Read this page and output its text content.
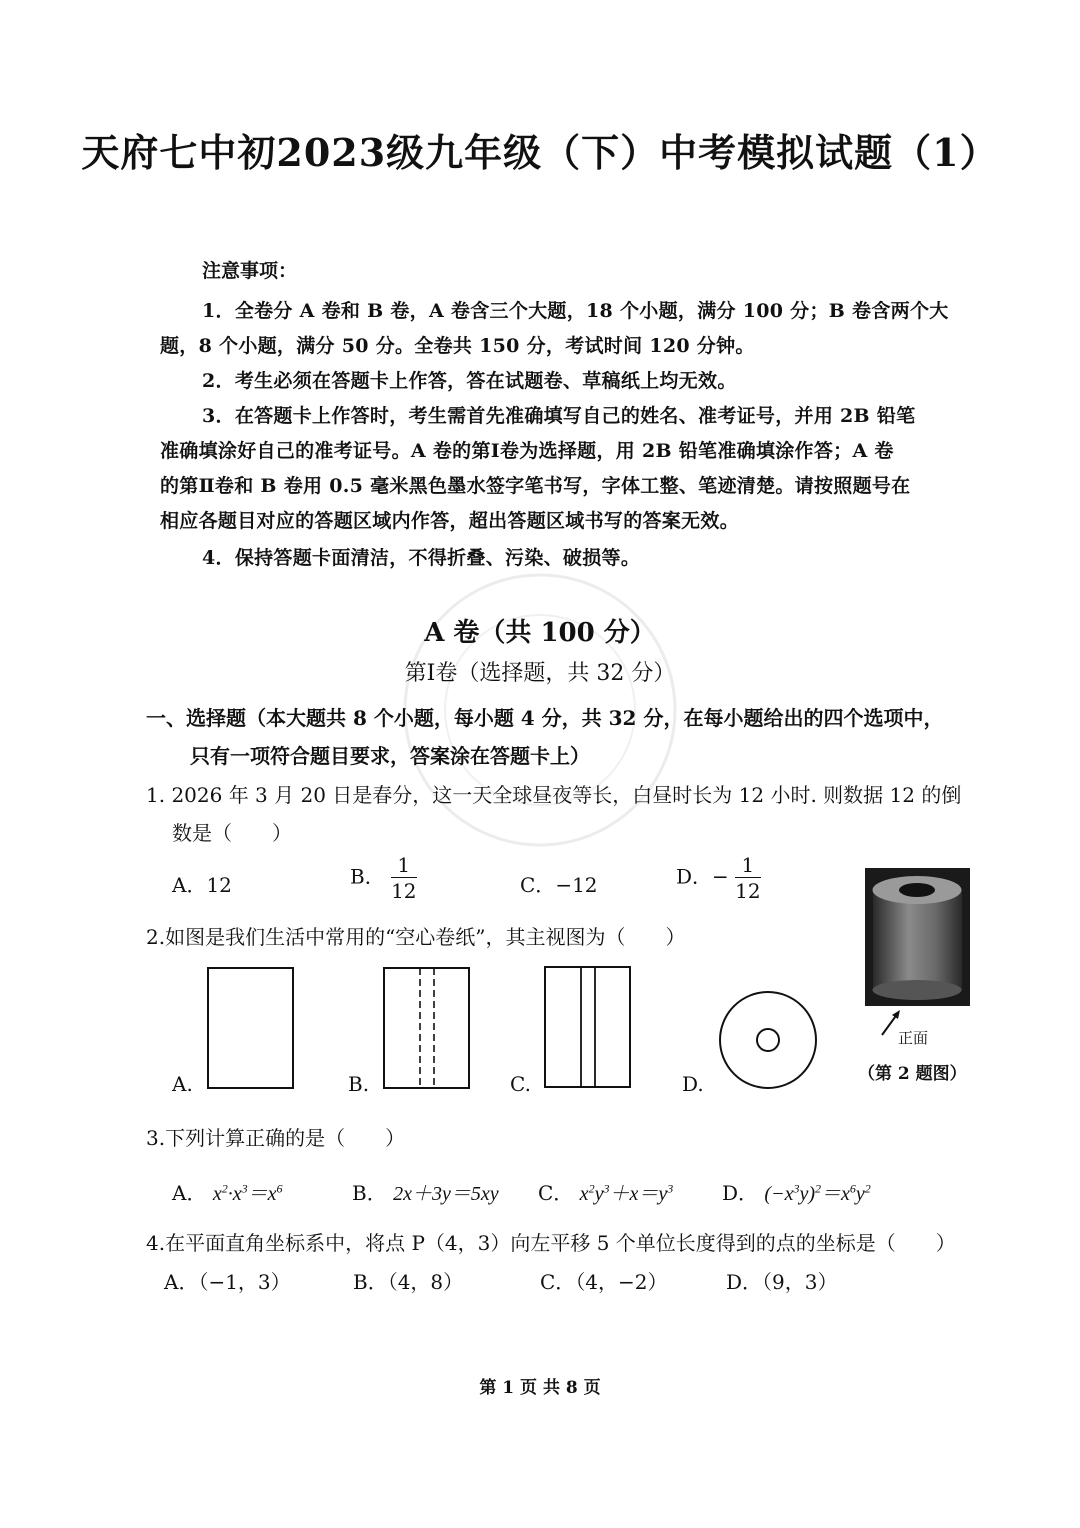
天府七中初2023级九年级（下）中考模拟试题（1）
注意事项：
1．全卷分 A 卷和 B 卷，A 卷含三个大题，18 个小题，满分 100 分；B 卷含两个大
题，8 个小题，满分 50 分。全卷共 150 分，考试时间 120 分钟。
2．考生必须在答题卡上作答，答在试题卷、草稿纸上均无效。
3．在答题卡上作答时，考生需首先准确填写自己的姓名、准考证号，并用 2B 铅笔
准确填涂好自己的准考证号。A 卷的第Ⅰ卷为选择题，用 2B 铅笔准确填涂作答；A 卷
的第Ⅱ卷和 B 卷用 0.5 毫米黑色墨水签字笔书写，字体工整、笔迹清楚。请按照题号在
相应各题目对应的答题区域内作答，超出答题区域书写的答案无效。
4．保持答题卡面清洁，不得折叠、污染、破损等。
A 卷（共 100 分）
第Ⅰ卷（选择题，共 32 分）
一、选择题（本大题共 8 个小题，每小题 4 分，共 32 分，在每小题给出的四个选项中，
只有一项符合题目要求，答案涂在答题卡上）
1. 2026 年 3 月 20 日是春分，这一天全球昼夜等长，白昼时长为 12 小时. 则数据 12 的倒
数是（　　）
A．12	B． $\frac{1}{12}$	C．−12	D．− $\frac{1}{12}$
2.如图是我们生活中常用的“空心卷纸”，其主视图为（　　）
A.	B.	C.	D.
正面
（第 2 题图）
3.下列计算正确的是（　　）
A． $x^2\cdot x^3=x^6$	B． 2x＋3y＝5xy C． $x^2y^3+x=y^3$ D． $(-x^3y)^2=x^6y^2$
4.在平面直角坐标系中，将点 P（4，3）向左平移 5 个单位长度得到的点的坐标是（　　）
A．（−1，3）	B．（4，8）	C．（4，−2）	D．（9，3）
第 1 页 共 8 页
